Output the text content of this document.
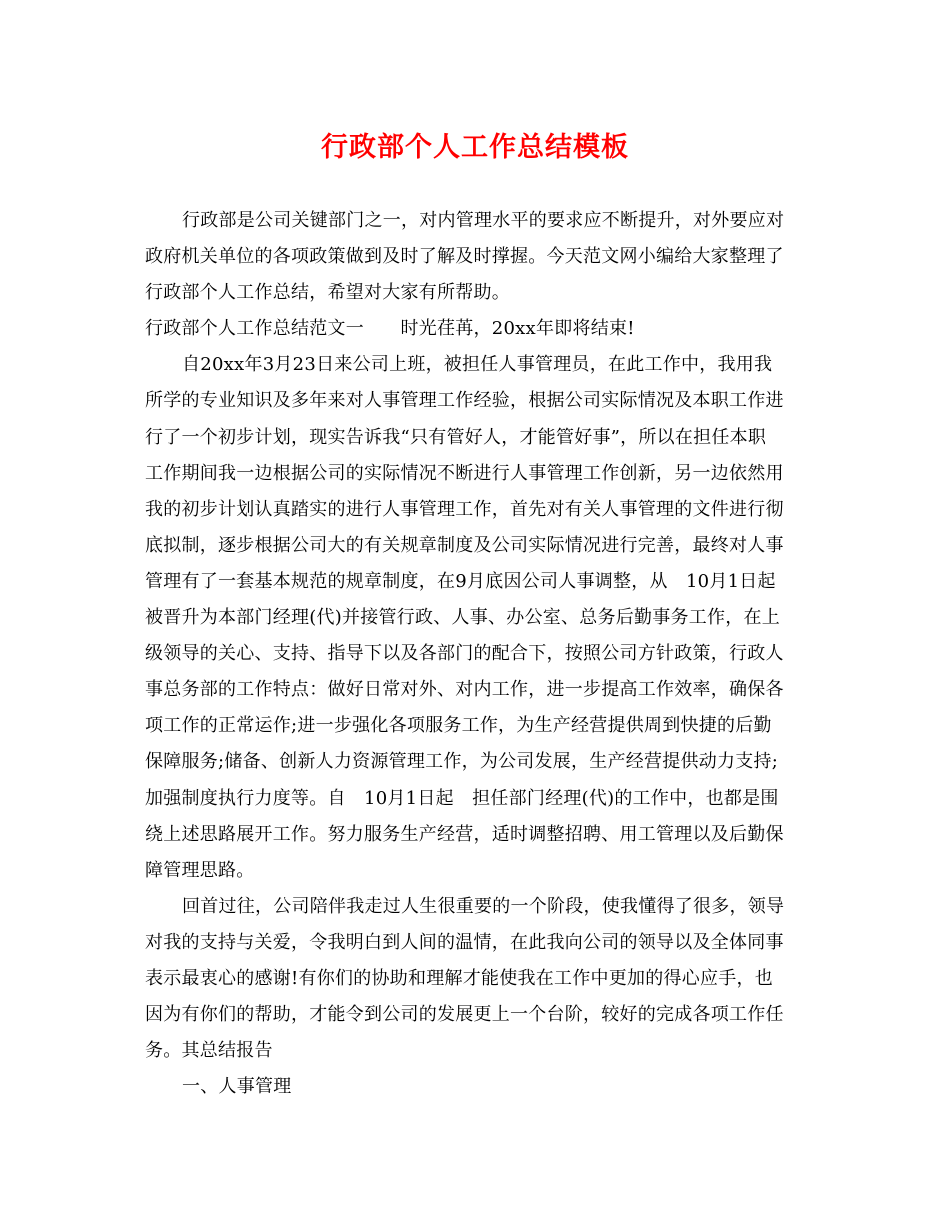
行政部个人工作总结模板
行政部是公司关键部门之一，对内管理水平的要求应不断提升，对外要应对
政府机关单位的各项政策做到及时了解及时撑握。今天范文网小编给大家整理了
行政部个人工作总结，希望对大家有所帮助。
行政部个人工作总结范文一　　时光荏苒，20xx年即将结束!
自20xx年3月23日来公司上班，被担任人事管理员，在此工作中，我用我
所学的专业知识及多年来对人事管理工作经验，根据公司实际情况及本职工作进
行了一个初步计划，现实告诉我“只有管好人，才能管好事”，所以在担任本职
工作期间我一边根据公司的实际情况不断进行人事管理工作创新，另一边依然用
我的初步计划认真踏实的进行人事管理工作，首先对有关人事管理的文件进行彻
底拟制，逐步根据公司大的有关规章制度及公司实际情况进行完善，最终对人事
管理有了一套基本规范的规章制度，在9月底因公司人事调整，从　10月1日起
被晋升为本部门经理(代)并接管行政、人事、办公室、总务后勤事务工作，在上
级领导的关心、支持、指导下以及各部门的配合下，按照公司方针政策，行政人
事总务部的工作特点：做好日常对外、对内工作，进一步提高工作效率，确保各
项工作的正常运作;进一步强化各项服务工作，为生产经营提供周到快捷的后勤
保障服务;储备、创新人力资源管理工作，为公司发展，生产经营提供动力支持;
加强制度执行力度等。自　10月1日起　担任部门经理(代)的工作中，也都是围
绕上述思路展开工作。努力服务生产经营，适时调整招聘、用工管理以及后勤保
障管理思路。
回首过往，公司陪伴我走过人生很重要的一个阶段，使我懂得了很多，领导
对我的支持与关爱，令我明白到人间的温情，在此我向公司的领导以及全体同事
表示最衷心的感谢!有你们的协助和理解才能使我在工作中更加的得心应手，也
因为有你们的帮助，才能令到公司的发展更上一个台阶，较好的完成各项工作任
务。其总结报告
一、人事管理
